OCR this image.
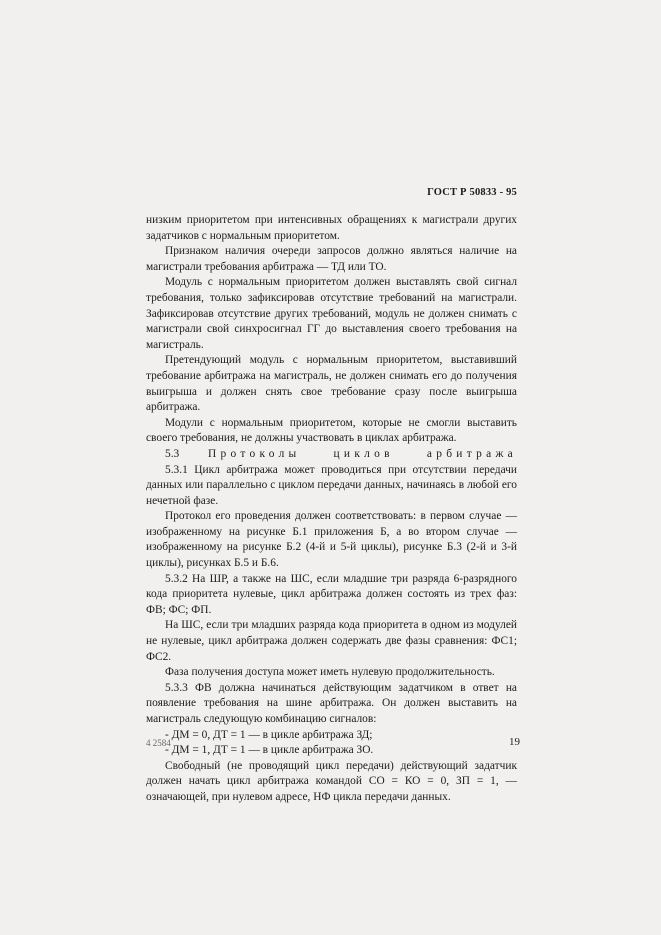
ГОСТ Р 50833 - 95

низким приоритетом при интенсивных обращениях к магистрали других задатчиков с нормальным приоритетом.

Признаком наличия очереди запросов должно являться наличие на магистрали требования арбитража — ТД или ТО.

Модуль с нормальным приоритетом должен выставлять свой сигнал требования, только зафиксировав отсутствие требований на магистрали. Зафиксировав отсутствие других требований, модуль не должен снимать с магистрали свой синхросигнал ГГ до выставления своего требования на магистраль.

Претендующий модуль с нормальным приоритетом, выставивший требование арбитража на магистраль, не должен снимать его до получения выигрыша и должен снять свое требование сразу после выигрыша арбитража.

Модули с нормальным приоритетом, которые не смогли выставить своего требования, не должны участвовать в циклах арбитража.

5.3	Протоколы циклов арбитража

5.3.1 Цикл арбитража может проводиться при отсутствии передачи данных или параллельно с циклом передачи данных, начинаясь в любой его нечетной фазе.

Протокол его проведения должен соответствовать: в первом случае — изображенному на рисунке Б.1 приложения Б, а во втором случае — изображенному на рисунке Б.2 (4-й и 5-й циклы), рисунке Б.3 (2-й и 3-й циклы), рисунках Б.5 и Б.6.

5.3.2 На ШР, а также на ШС, если младшие три разряда 6-разрядного кода приоритета нулевые, цикл арбитража должен состоять из трех фаз: ФВ; ФС; ФП.

На ШС, если три младших разряда кода приоритета в одном из модулей не нулевые, цикл арбитража должен содержать две фазы сравнения: ФС1; ФС2.

Фаза получения доступа может иметь нулевую продолжительность.

5.3.3 ФВ должна начинаться действующим задатчиком в ответ на появление требования на шине арбитража. Он должен выставить на магистраль следующую комбинацию сигналов:

- ДМ = 0, ДТ = 1 — в цикле арбитража ЗД;

- ДМ = 1, ДТ = 1 — в цикле арбитража ЗО.

Свободный (не проводящий цикл передачи) действующий задатчик должен начать цикл арбитража командой СО = КО = 0, ЗП = 1, — означающей, при нулевом адресе, НФ цикла передачи данных.

4 2584	19
